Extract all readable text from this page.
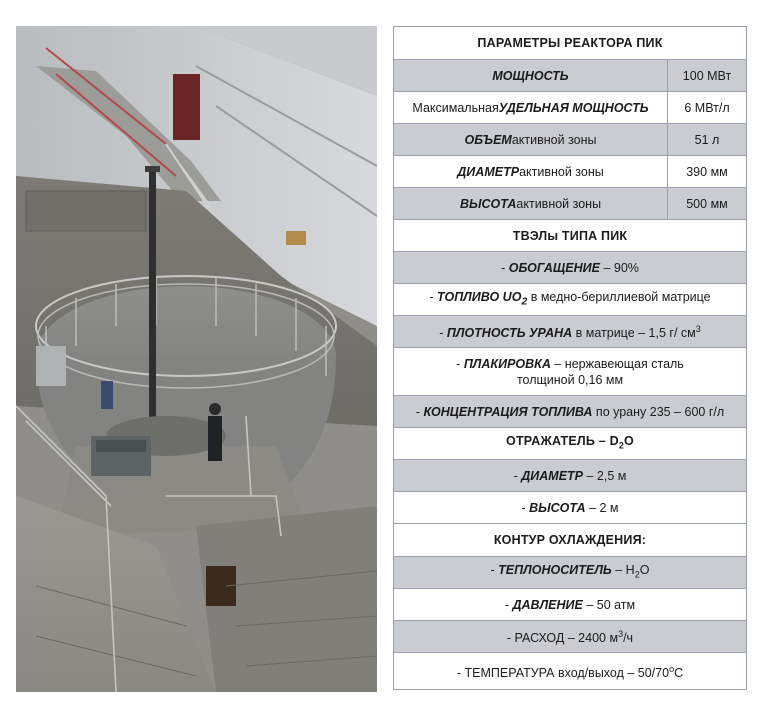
ПАРАМЕТРЫ РЕАКТОРА ПИК
МОЩНОСТЬ	100 МВт
Максимальная УДЕЛЬНАЯ МОЩНОСТЬ	6 МВт/л
ОБЪЕМ активной зоны	51 л
ДИАМЕТР активной зоны	390 мм
ВЫСОТА активной зоны	500 мм
ТВЭЛы ТИПА ПИК
- ОБОГАЩЕНИЕ – 90%
- ТОПЛИВО $UO_2$ в медно-бериллиевой матрице
- ПЛОТНОСТЬ УРАНА в матрице – 1,5 г/ $см^3$
- ПЛАКИРОВКА – нержавеющая сталь
толщиной 0,16 мм
- КОНЦЕНТРАЦИЯ ТОПЛИВА по урану 235 – 600 г/л
ОТРАЖАТЕЛЬ – $D_2O$
- ДИАМЕТР – 2,5 м
- ВЫСОТА – 2 м
КОНТУР ОХЛАЖДЕНИЯ:
- ТЕПЛОНОСИТЕЛЬ – $H_2O$
- ДАВЛЕНИЕ – 50 атм
- РАСХОД – 2400 $м^3/ч$
- ТЕМПЕРАТУРА вход/выход – $50/70^оС$
